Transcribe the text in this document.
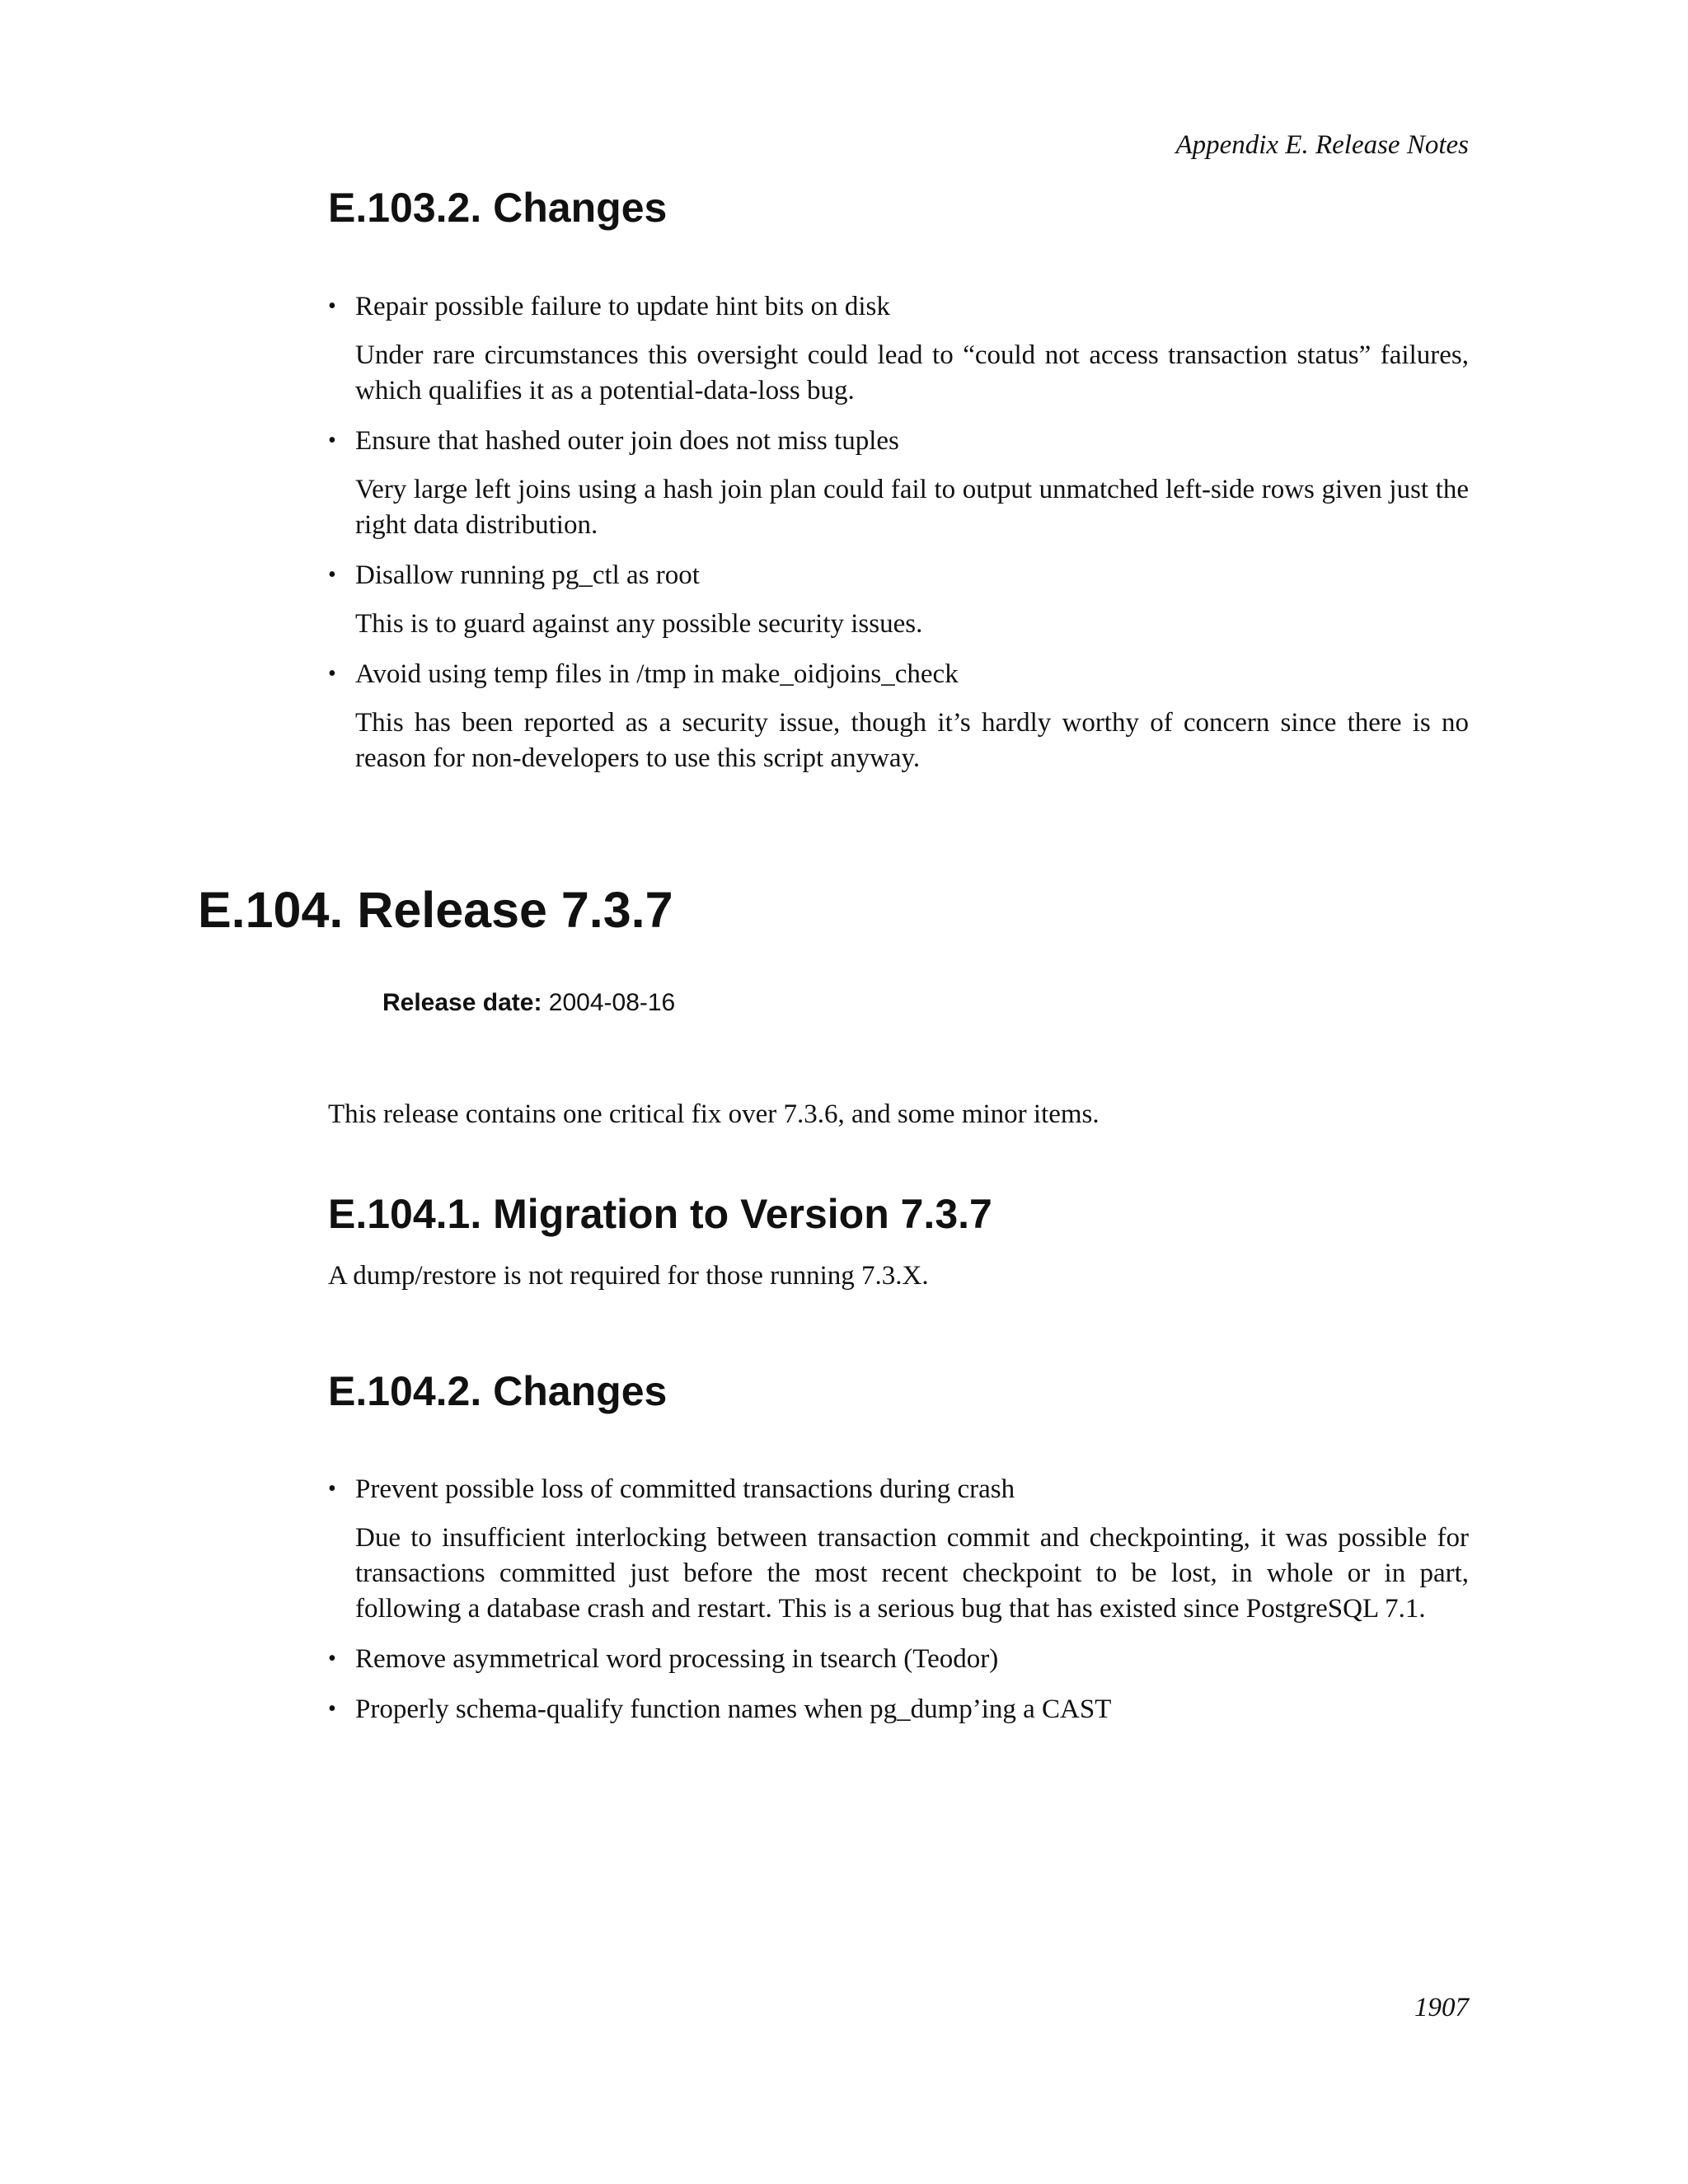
Appendix E. Release Notes
E.103.2. Changes
• Repair possible failure to update hint bits on disk

Under rare circumstances this oversight could lead to “could not access transaction status” failures, which qualifies it as a potential-data-loss bug.

• Ensure that hashed outer join does not miss tuples

Very large left joins using a hash join plan could fail to output unmatched left-side rows given just the right data distribution.

• Disallow running pg_ctl as root

This is to guard against any possible security issues.

• Avoid using temp files in /tmp in make_oidjoins_check

This has been reported as a security issue, though it’s hardly worthy of concern since there is no reason for non-developers to use this script anyway.

E.104. Release 7.3.7
Release date: 2004-08-16

This release contains one critical fix over 7.3.6, and some minor items.

E.104.1. Migration to Version 7.3.7

A dump/restore is not required for those running 7.3.X.

E.104.2. Changes
• Prevent possible loss of committed transactions during crash

Due to insufficient interlocking between transaction commit and checkpointing, it was possible for transactions committed just before the most recent checkpoint to be lost, in whole or in part, following a database crash and restart. This is a serious bug that has existed since PostgreSQL 7.1.

• Remove asymmetrical word processing in tsearch (Teodor)

• Properly schema-qualify function names when pg_dump’ing a CAST

1907
